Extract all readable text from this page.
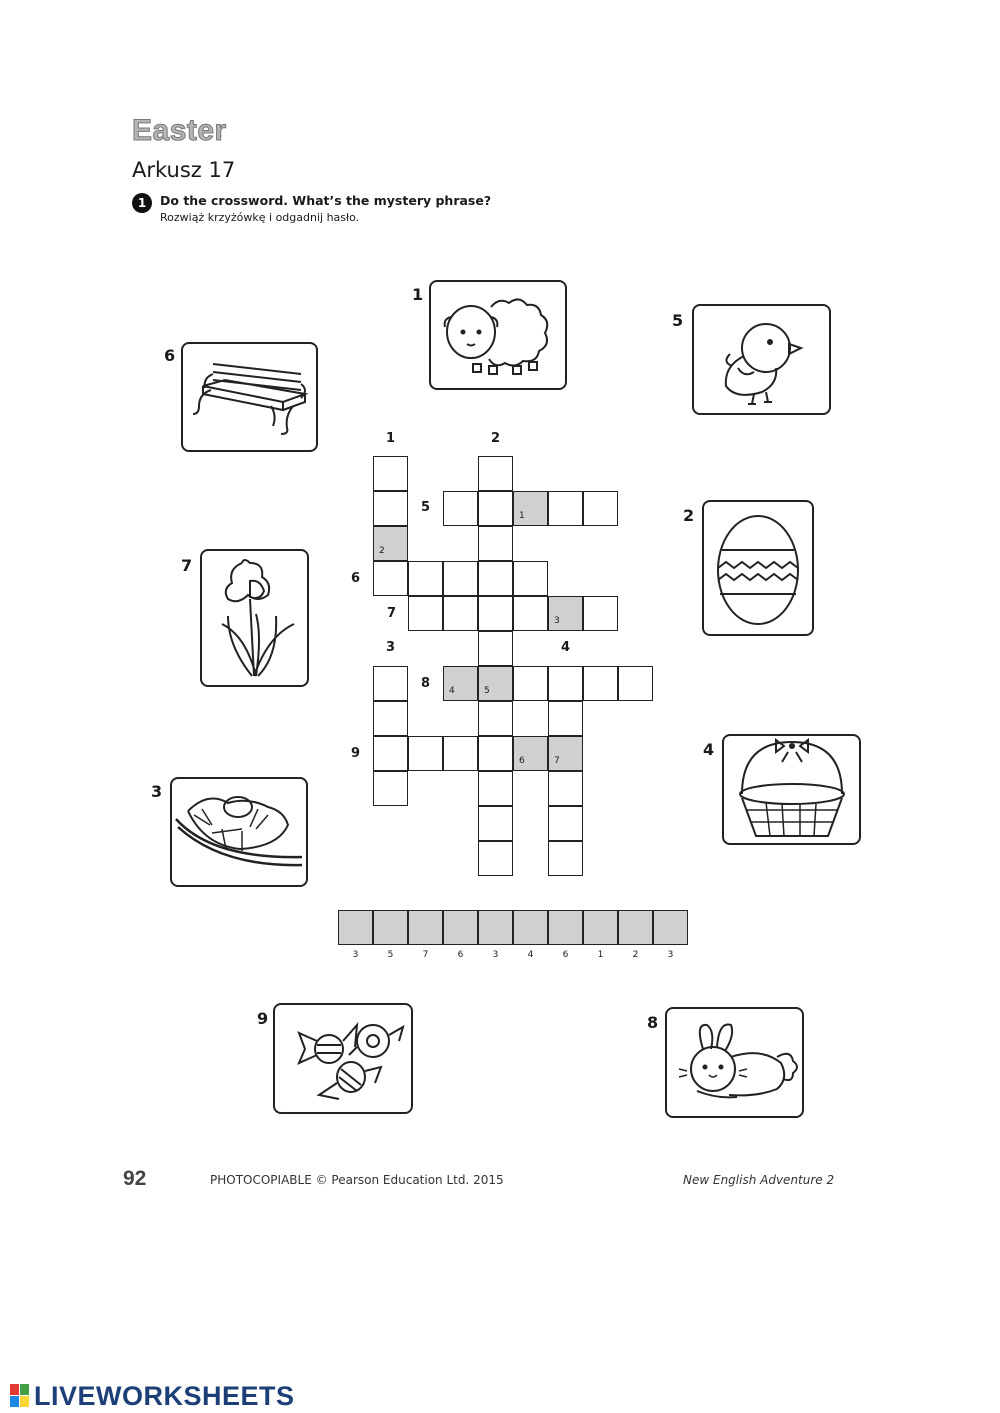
Easter
Arkusz 17
1	Do the crossword. What’s the mystery phrase?
Rozwiąż krzyżówkę i odgadnij hasło.
1
5
6
2
7
4
3
9	8
1	2
5
6
7
3	4
8
9
2
4	5
1
6
3
7
3	5	7	6	3	4	6	1	2	3
92	PHOTOCOPIABLE © Pearson Education Ltd. 2015	New English Adventure 2
LIVEWORKSHEETS
